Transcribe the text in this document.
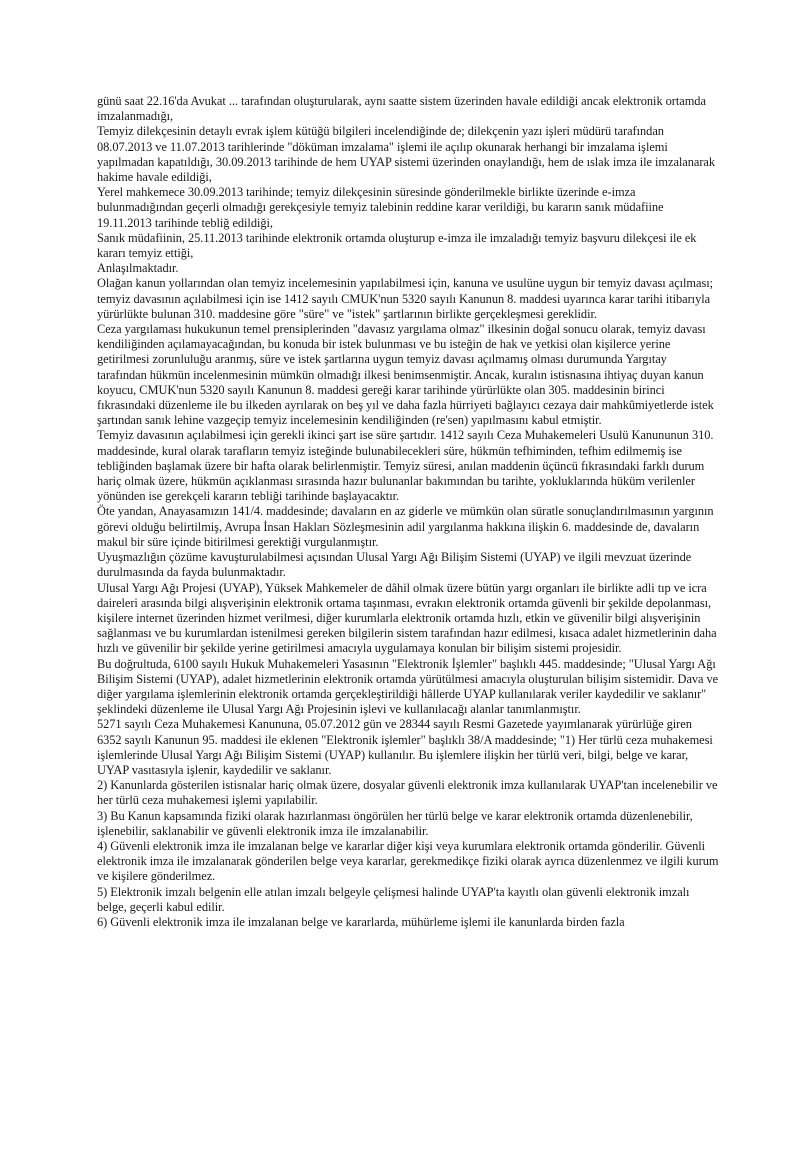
günü saat 22.16'da Avukat ... tarafından oluşturularak, aynı saatte sistem üzerinden havale edildiği ancak elektronik ortamda imzalanmadığı,

Temyiz dilekçesinin detaylı evrak işlem kütüğü bilgileri incelendiğinde de; dilekçenin yazı işleri müdürü tarafından 08.07.2013 ve 11.07.2013 tarihlerinde "döküman imzalama" işlemi ile açılıp okunarak herhangi bir imzalama işlemi yapılmadan kapatıldığı, 30.09.2013 tarihinde de hem UYAP sistemi üzerinden onaylandığı, hem de ıslak imza ile imzalanarak hakime havale edildiği,

Yerel mahkemece 30.09.2013 tarihinde; temyiz dilekçesinin süresinde gönderilmekle birlikte üzerinde e-imza bulunmadığından geçerli olmadığı gerekçesiyle temyiz talebinin reddine karar verildiği, bu kararın sanık müdafiine 19.11.2013 tarihinde tebliğ edildiği,

Sanık müdafiinin, 25.11.2013 tarihinde elektronik ortamda oluşturup e-imza ile imzaladığı temyiz başvuru dilekçesi ile ek kararı temyiz ettiği,

Anlaşılmaktadır.

Olağan kanun yollarından olan temyiz incelemesinin yapılabilmesi için, kanuna ve usulüne uygun bir temyiz davası açılması; temyiz davasının açılabilmesi için ise 1412 sayılı CMUK'nun 5320 sayılı Kanunun 8. maddesi uyarınca karar tarihi itibarıyla yürürlükte bulunan 310. maddesine göre "süre" ve "istek" şartlarının birlikte gerçekleşmesi gereklidir.

Ceza yargılaması hukukunun temel prensiplerinden "davasız yargılama olmaz" ilkesinin doğal sonucu olarak, temyiz davası kendiliğinden açılamayacağından, bu konuda bir istek bulunması ve bu isteğin de hak ve yetkisi olan kişilerce yerine getirilmesi zorunluluğu aranmış, süre ve istek şartlarına uygun temyiz davası açılmamış olması durumunda Yargıtay tarafından hükmün incelenmesinin mümkün olmadığı ilkesi benimsenmiştir. Ancak, kuralın istisnasına ihtiyaç duyan kanun koyucu, CMUK'nun 5320 sayılı Kanunun 8. maddesi gereği karar tarihinde yürürlükte olan 305. maddesinin birinci fıkrasındaki düzenleme ile bu ilkeden ayrılarak on beş yıl ve daha fazla hürriyeti bağlayıcı cezaya dair mahkûmiyetlerde istek şartından sanık lehine vazgeçip temyiz incelemesinin kendiliğinden (re'sen) yapılmasını kabul etmiştir.

Temyiz davasının açılabilmesi için gerekli ikinci şart ise süre şartıdır. 1412 sayılı Ceza Muhakemeleri Usulü Kanununun 310. maddesinde, kural olarak tarafların temyiz isteğinde bulunabilecekleri süre, hükmün tefhiminden, tefhim edilmemiş ise tebliğinden başlamak üzere bir hafta olarak belirlenmiştir. Temyiz süresi, anılan maddenin üçüncü fıkrasındaki farklı durum hariç olmak üzere, hükmün açıklanması sırasında hazır bulunanlar bakımından bu tarihte, yokluklarında hüküm verilenler yönünden ise gerekçeli kararın tebliği tarihinde başlayacaktır.

Öte yandan, Anayasamızın 141/4. maddesinde; davaların en az giderle ve mümkün olan süratle sonuçlandırılmasının yargının görevi olduğu belirtilmiş, Avrupa İnsan Hakları Sözleşmesinin adil yargılanma hakkına ilişkin 6. maddesinde de, davaların makul bir süre içinde bitirilmesi gerektiği vurgulanmıştır.

Uyuşmazlığın çözüme kavuşturulabilmesi açısından Ulusal Yargı Ağı Bilişim Sistemi (UYAP) ve ilgili mevzuat üzerinde durulmasında da fayda bulunmaktadır.

Ulusal Yargı Ağı Projesi (UYAP), Yüksek Mahkemeler de dâhil olmak üzere bütün yargı organları ile birlikte adli tıp ve icra daireleri arasında bilgi alışverişinin elektronik ortama taşınması, evrakın elektronik ortamda güvenli bir şekilde depolanması, kişilere internet üzerinden hizmet verilmesi, diğer kurumlarla elektronik ortamda hızlı, etkin ve güvenilir bilgi alışverişinin sağlanması ve bu kurumlardan istenilmesi gereken bilgilerin sistem tarafından hazır edilmesi, kısaca adalet hizmetlerinin daha hızlı ve güvenilir bir şekilde yerine getirilmesi amacıyla uygulamaya konulan bir bilişim sistemi projesidir.

Bu doğrultuda, 6100 sayılı Hukuk Muhakemeleri Yasasının "Elektronik İşlemler" başlıklı 445. maddesinde; "Ulusal Yargı Ağı Bilişim Sistemi (UYAP), adalet hizmetlerinin elektronik ortamda yürütülmesi amacıyla oluşturulan bilişim sistemidir. Dava ve diğer yargılama işlemlerinin elektronik ortamda gerçekleştirildiği hâllerde UYAP kullanılarak veriler kaydedilir ve saklanır" şeklindeki düzenleme ile Ulusal Yargı Ağı Projesinin işlevi ve kullanılacağı alanlar tanımlanmıştır.

5271 sayılı Ceza Muhakemesi Kanununa, 05.07.2012 gün ve 28344 sayılı Resmi Gazetede yayımlanarak yürürlüğe giren 6352 sayılı Kanunun 95. maddesi ile eklenen "Elektronik işlemler" başlıklı 38/A maddesinde; "1) Her türlü ceza muhakemesi işlemlerinde Ulusal Yargı Ağı Bilişim Sistemi (UYAP) kullanılır. Bu işlemlere ilişkin her türlü veri, bilgi, belge ve karar, UYAP vasıtasıyla işlenir, kaydedilir ve saklanır.

2) Kanunlarda gösterilen istisnalar hariç olmak üzere, dosyalar güvenli elektronik imza kullanılarak UYAP'tan incelenebilir ve her türlü ceza muhakemesi işlemi yapılabilir.

3) Bu Kanun kapsamında fiziki olarak hazırlanması öngörülen her türlü belge ve karar elektronik ortamda düzenlenebilir, işlenebilir, saklanabilir ve güvenli elektronik imza ile imzalanabilir.

4) Güvenli elektronik imza ile imzalanan belge ve kararlar diğer kişi veya kurumlara elektronik ortamda gönderilir. Güvenli elektronik imza ile imzalanarak gönderilen belge veya kararlar, gerekmedikçe fiziki olarak ayrıca düzenlenmez ve ilgili kurum ve kişilere gönderilmez.

5) Elektronik imzalı belgenin elle atılan imzalı belgeyle çelişmesi halinde UYAP'ta kayıtlı olan güvenli elektronik imzalı belge, geçerli kabul edilir.

6) Güvenli elektronik imza ile imzalanan belge ve kararlarda, mühürleme işlemi ile kanunlarda birden fazla
